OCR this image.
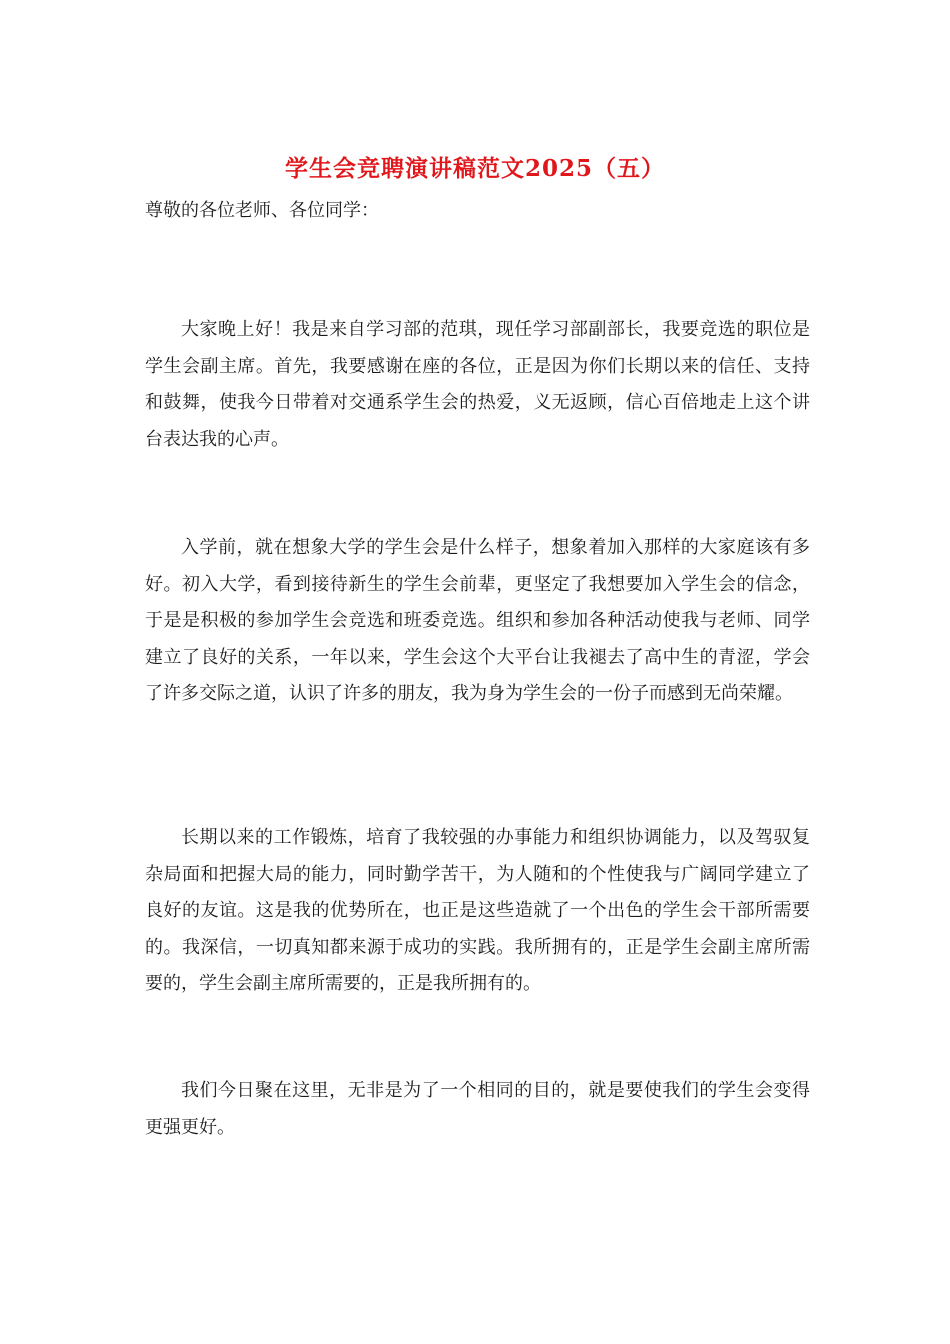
学生会竞聘演讲稿范文2025（五）
尊敬的各位老师、各位同学：

大家晚上好！我是来自学习部的范琪，现任学习部副部长，我要竞选的职位是学生会副主席。首先，我要感谢在座的各位，正是因为你们长期以来的信任、支持和鼓舞，使我今日带着对交通系学生会的热爱，义无返顾，信心百倍地走上这个讲台表达我的心声。

入学前，就在想象大学的学生会是什么样子，想象着加入那样的大家庭该有多好。初入大学，看到接待新生的学生会前辈，更坚定了我想要加入学生会的信念，于是是积极的参加学生会竞选和班委竞选。组织和参加各种活动使我与老师、同学建立了良好的关系，一年以来，学生会这个大平台让我褪去了高中生的青涩，学会了许多交际之道，认识了许多的朋友，我为身为学生会的一份子而感到无尚荣耀。

长期以来的工作锻炼，培育了我较强的办事能力和组织协调能力，以及驾驭复杂局面和把握大局的能力，同时勤学苦干，为人随和的个性使我与广阔同学建立了良好的友谊。这是我的优势所在，也正是这些造就了一个出色的学生会干部所需要的。我深信，一切真知都来源于成功的实践。我所拥有的，正是学生会副主席所需要的，学生会副主席所需要的，正是我所拥有的。

我们今日聚在这里，无非是为了一个相同的目的，就是要使我们的学生会变得更强更好。
